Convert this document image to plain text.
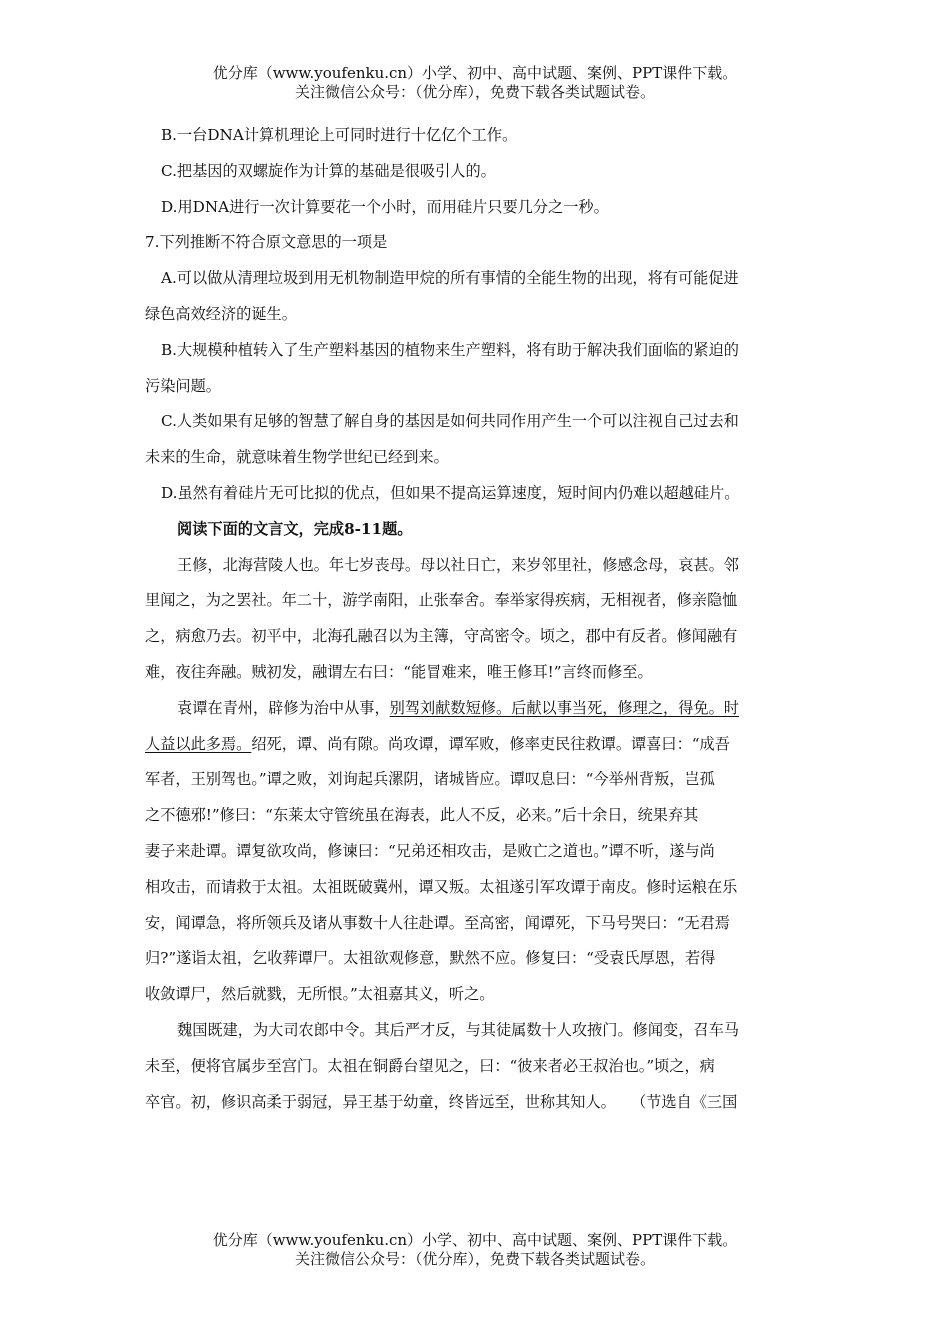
优分库（www.youfenku.cn）小学、初中、高中试题、案例、PPT课件下载。
关注微信公众号：（优分库），免费下载各类试题试卷。
B.一台DNA计算机理论上可同时进行十亿亿个工作。
C.把基因的双螺旋作为计算的基础是很吸引人的。
D.用DNA进行一次计算要花一个小时，而用硅片只要几分之一秒。
7.下列推断不符合原文意思的一项是
A.可以做从清理垃圾到用无机物制造甲烷的所有事情的全能生物的出现，将有可能促进
绿色高效经济的诞生。
B.大规模种植转入了生产塑料基因的植物来生产塑料，将有助于解决我们面临的紧迫的
污染问题。
C.人类如果有足够的智慧了解自身的基因是如何共同作用产生一个可以注视自己过去和
未来的生命，就意味着生物学世纪已经到来。
D.虽然有着硅片无可比拟的优点，但如果不提高运算速度，短时间内仍难以超越硅片。
阅读下面的文言文，完成8-11题。
王修，北海营陵人也。年七岁丧母。母以社日亡，来岁邻里社，修感念母，哀甚。邻
里闻之，为之罢社。年二十，游学南阳，止张奉舍。奉举家得疾病，无相视者，修亲隐恤
之，病愈乃去。初平中，北海孔融召以为主簿，守高密令。顷之，郡中有反者。修闻融有
难，夜往奔融。贼初发，融谓左右曰：“能冒难来，唯王修耳!”言终而修至。
袁谭在青州，辟修为治中从事，别驾刘献数短修。后献以事当死，修理之，得免。时
人益以此多焉。绍死，谭、尚有隙。尚攻谭，谭军败，修率吏民往救谭。谭喜曰：“成吾
军者，王别驾也。”谭之败，刘询起兵漯阴，诸城皆应。谭叹息曰：“今举州背叛，岂孤
之不德邪!”修曰：“东莱太守管统虽在海表，此人不反，必来。”后十余日，统果弃其
妻子来赴谭。谭复欲攻尚，修谏曰：“兄弟还相攻击，是败亡之道也。”谭不听，遂与尚
相攻击，而请救于太祖。太祖既破冀州，谭又叛。太祖遂引军攻谭于南皮。修时运粮在乐
安，闻谭急，将所领兵及诸从事数十人往赴谭。至高密，闻谭死，下马号哭曰：“无君焉
归?”遂诣太祖，乞收葬谭尸。太祖欲观修意，默然不应。修复曰：“受袁氏厚恩，若得
收敛谭尸，然后就戮，无所恨。”太祖嘉其义，听之。
魏国既建，为大司农郎中令。其后严才反，与其徒属数十人攻掖门。修闻变，召车马
未至，便将官属步至宫门。太祖在铜爵台望见之，曰：“彼来者必王叔治也。”顷之，病
卒官。初，修识高柔于弱冠，异王基于幼童，终皆远至，世称其知人。　　（节选自《三国
优分库（www.youfenku.cn）小学、初中、高中试题、案例、PPT课件下载。
关注微信公众号：（优分库），免费下载各类试题试卷。
